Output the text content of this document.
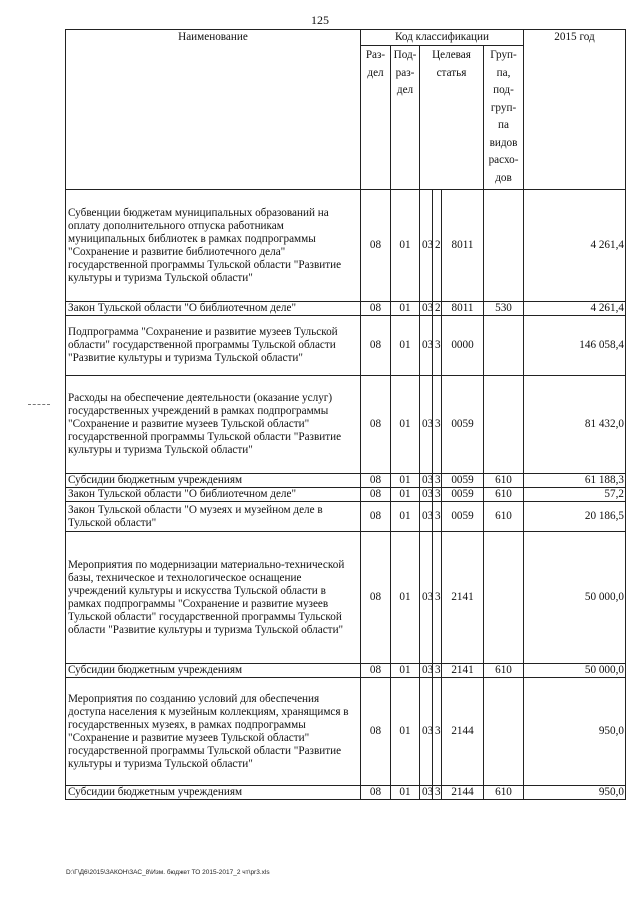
125
Наименование	Код классификации						2015 год
	Раз-дел	Под-раз-дел	Целевая статья			Груп-па, под-груп-па видов расхо-дов	
Субвенции бюджетам муниципальных образований на оплату дополнительного отпуска работникам муниципальных библиотек в рамках подпрограммы "Сохранение и развитие библиотечного дела" государственной программы Тульской области "Развитие культуры и туризма Тульской области"	08	01	03	2	8011		4 261,4
Закон Тульской области "О библиотечном деле"	08	01	03	2	8011	530	4 261,4
Подпрограмма "Сохранение и развитие музеев Тульской области" государственной программы Тульской области "Развитие культуры и туризма Тульской области"	08	01	03	3	0000		146 058,4
Расходы на обеспечение деятельности (оказание услуг) государственных учреждений в рамках подпрограммы "Сохранение и развитие музеев Тульской области" государственной программы Тульской области "Развитие культуры и туризма Тульской области"	08	01	03	3	0059		81 432,0
Субсидии бюджетным учреждениям	08	01	03	3	0059	610	61 188,3
Закон Тульской области "О библиотечном деле"	08	01	03	3	0059	610	57,2
Закон Тульской области "О музеях и музейном деле в Тульской области"	08	01	03	3	0059	610	20 186,5
Мероприятия по модернизации материально-технической базы, техническое и технологическое оснащение учреждений культуры и искусства Тульской области в рамках подпрограммы "Сохранение и развитие музеев Тульской области" государственной программы Тульской области "Развитие культуры и туризма Тульской области"	08	01	03	3	2141		50 000,0
Субсидии бюджетным учреждениям	08	01	03	3	2141	610	50 000,0
Мероприятия по созданию условий для обеспечения доступа населения к музейным коллекциям, хранящимся в государственных музеях, в рамках подпрограммы "Сохранение и развитие музеев Тульской области" государственной программы Тульской области "Развитие культуры и туризма Тульской области"	08	01	03	3	2144		950,0
Субсидии бюджетным учреждениям	08	01	03	3	2144	610	950,0
D:\Г\Д6\2015\ЗАКОН\ЗАС_8\Изм. бюджет ТО 2015-2017_2 чт\pr3.xls
